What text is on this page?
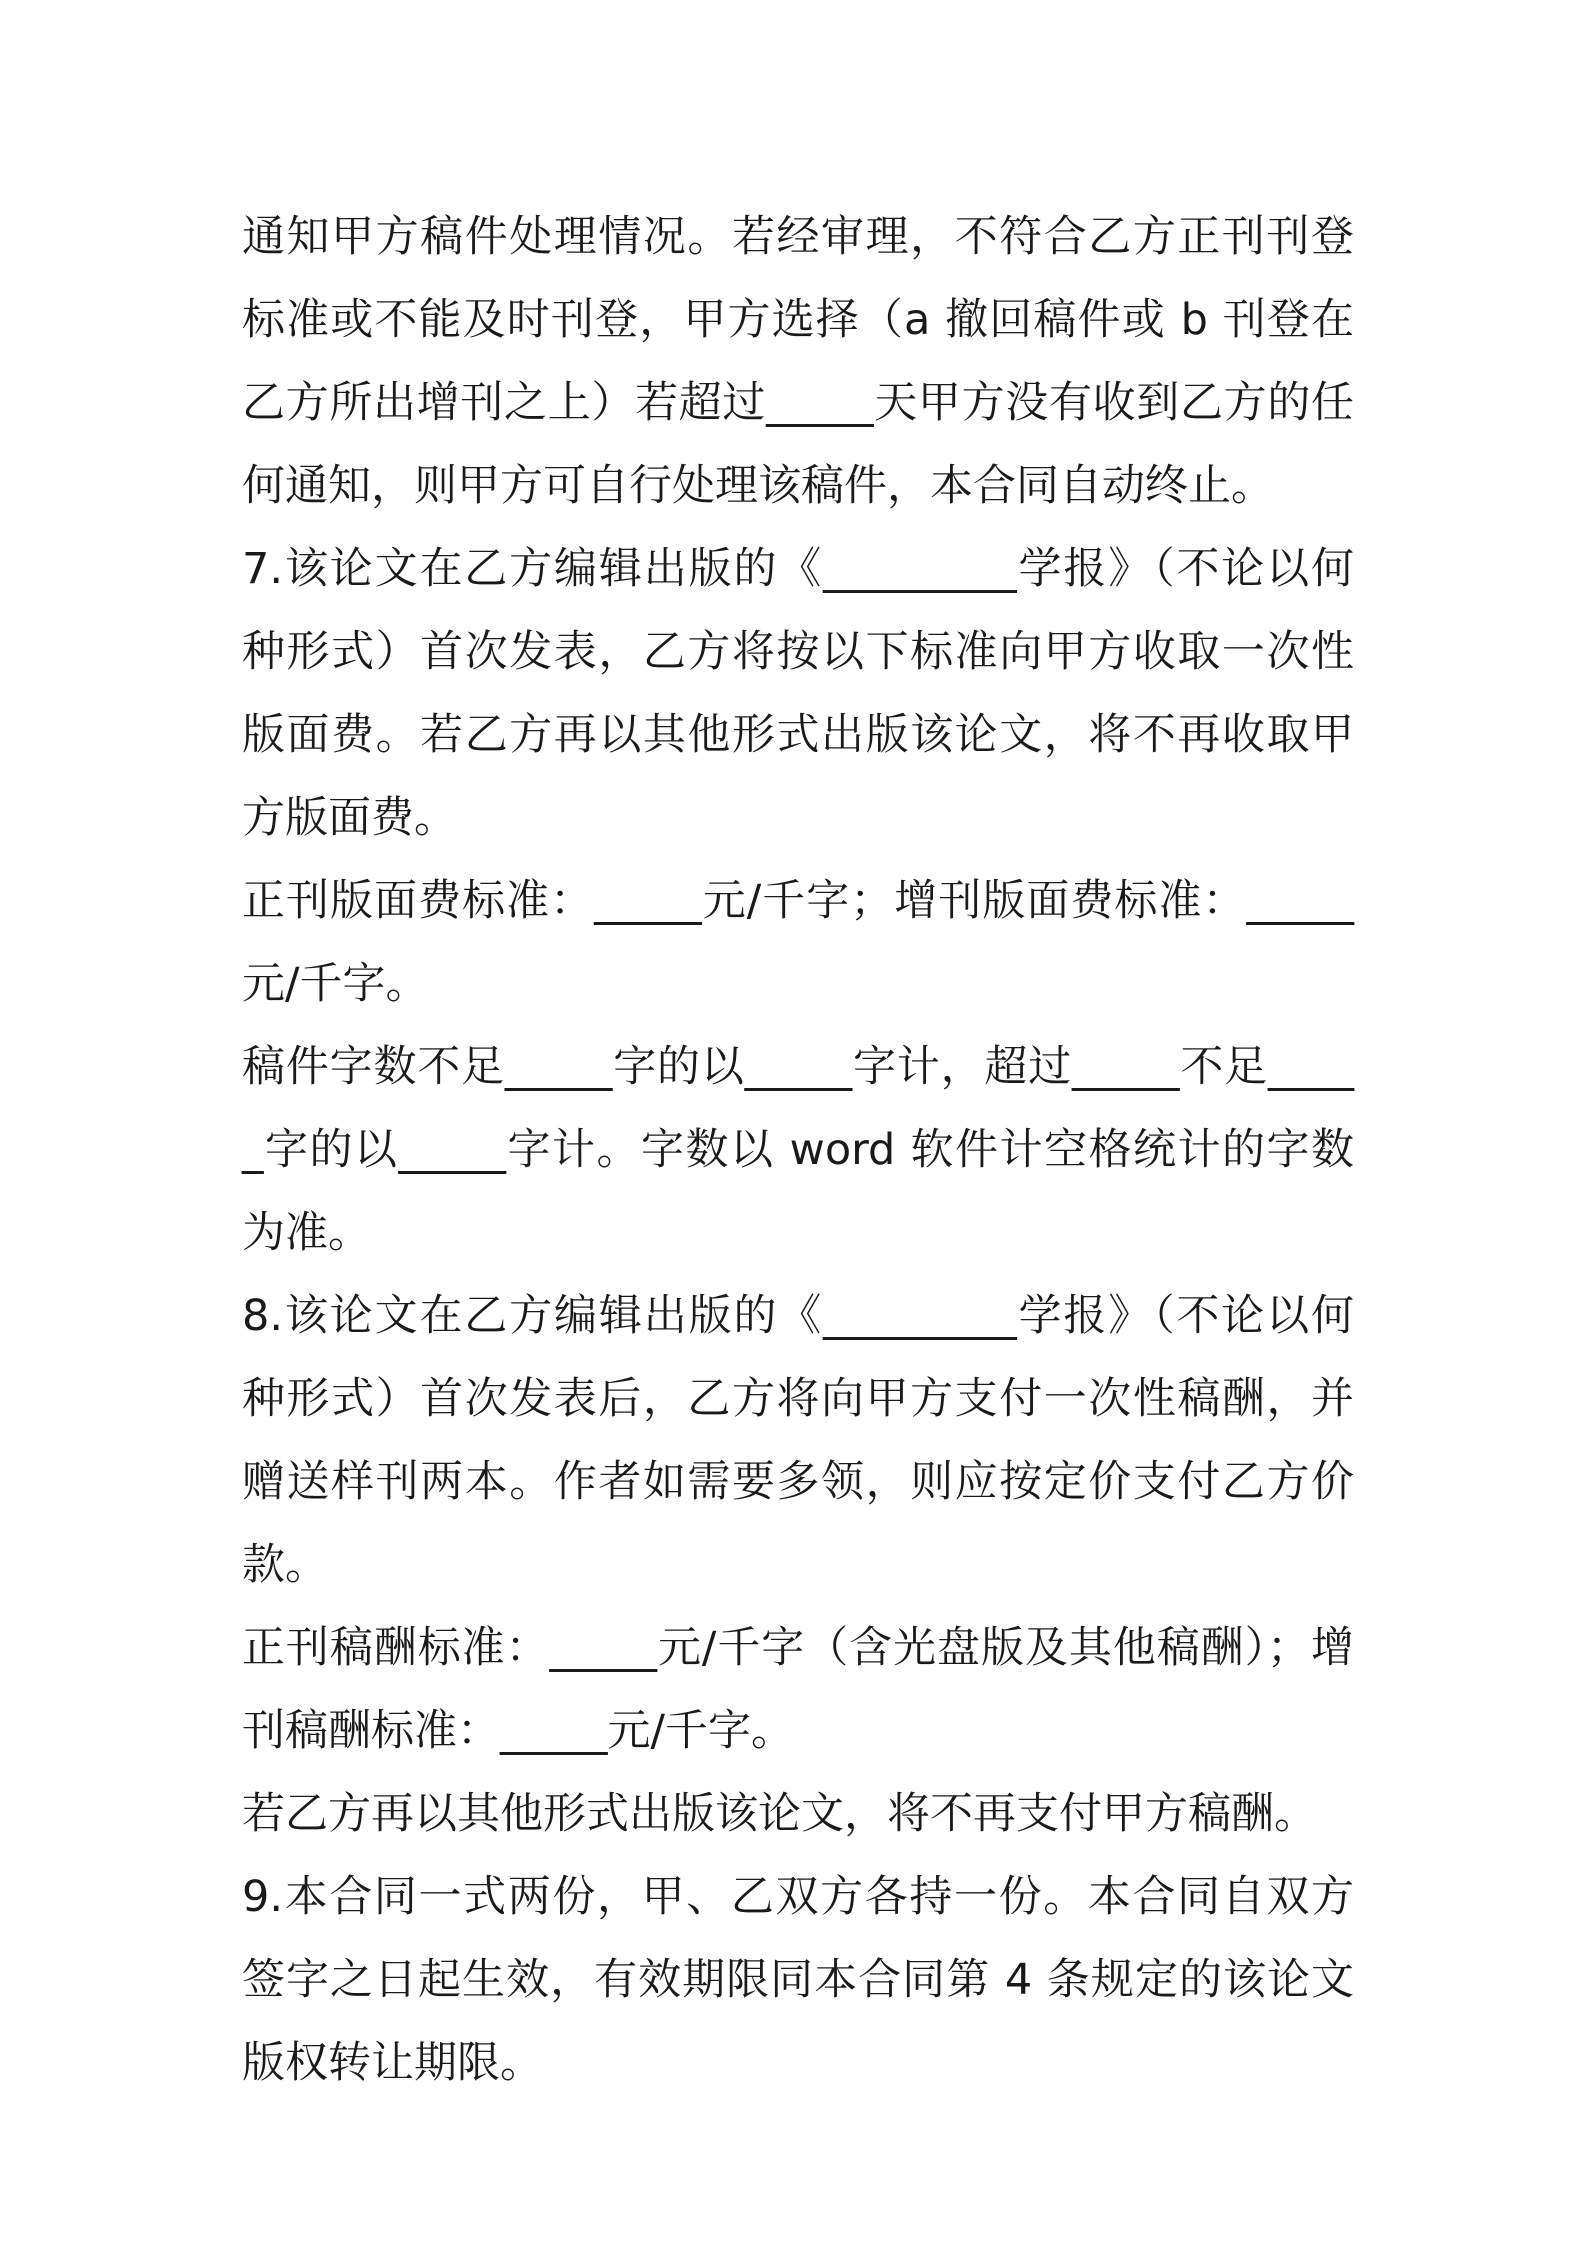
通知甲方稿件处理情况。若经审理，不符合乙方正刊刊登标准或不能及时刊登，甲方选择（a 撤回稿件或 b 刊登在乙方所出增刊之上）若超过_____天甲方没有收到乙方的任何通知，则甲方可自行处理该稿件，本合同自动终止。

7.该论文在乙方编辑出版的《_________学报》（不论以何种形式）首次发表，乙方将按以下标准向甲方收取一次性版面费。若乙方再以其他形式出版该论文，将不再收取甲方版面费。

正刊版面费标准：_____元/千字；增刊版面费标准：_____元/千字。

稿件字数不足_____字的以_____字计，超过_____不足_____字的以_____字计。字数以 word 软件计空格统计的字数为准。

8.该论文在乙方编辑出版的《_________学报》（不论以何种形式）首次发表后，乙方将向甲方支付一次性稿酬，并赠送样刊两本。作者如需要多领，则应按定价支付乙方价款。

正刊稿酬标准：_____元/千字（含光盘版及其他稿酬）；增刊稿酬标准：_____元/千字。

若乙方再以其他形式出版该论文，将不再支付甲方稿酬。

9.本合同一式两份，甲、乙双方各持一份。本合同自双方签字之日起生效，有效期限同本合同第 4 条规定的该论文版权转让期限。
